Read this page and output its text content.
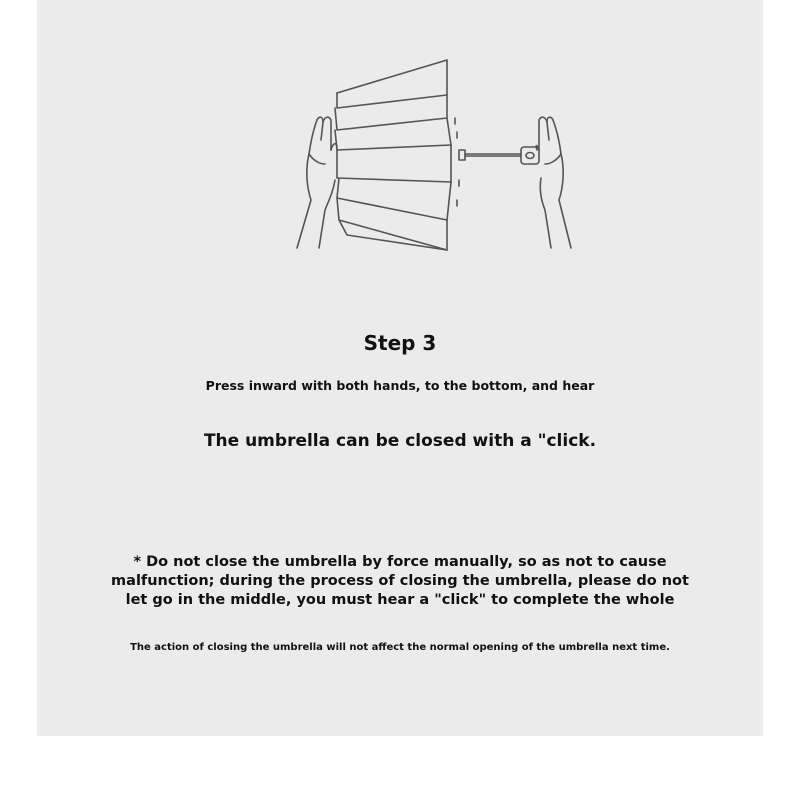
Step 3
Press inward with both hands, to the bottom, and hear
The umbrella can be closed with a "click.
* Do not close the umbrella by force manually, so as not to cause
malfunction; during the process of closing the umbrella, please do not
let go in the middle, you must hear a "click" to complete the whole
The action of closing the umbrella will not affect the normal opening of the umbrella next time.
